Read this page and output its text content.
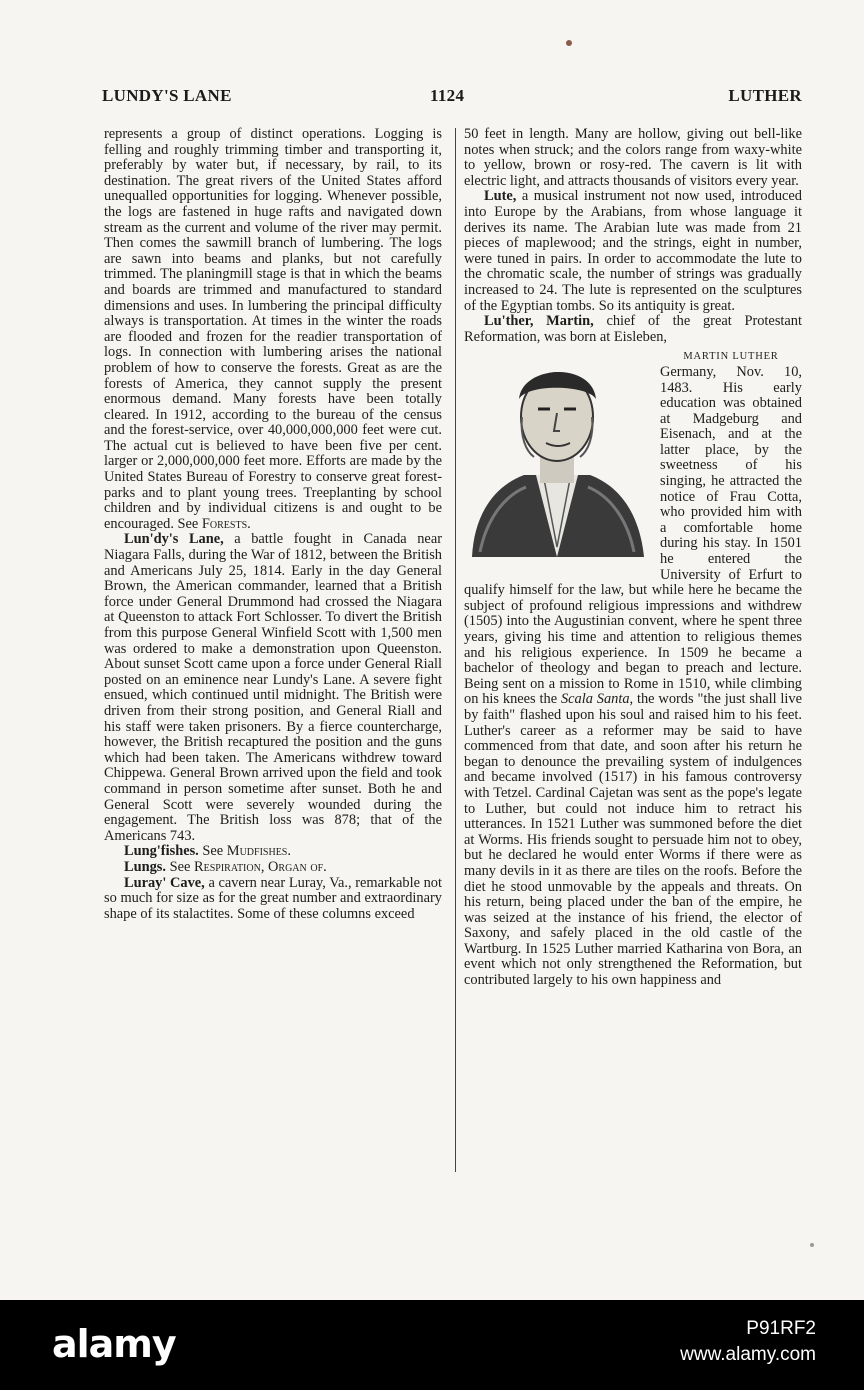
LUNDY'S LANE	1124	LUTHER

represents a group of distinct operations. Logging is felling and roughly trimming timber and transporting it, preferably by water but, if necessary, by rail, to its destination. The great rivers of the United States afford unequalled opportunities for logging. Whenever possible, the logs are fastened in huge rafts and navigated down stream as the current and volume of the river may permit. Then comes the sawmill branch of lumbering. The logs are sawn into beams and planks, but not carefully trimmed. The planingmill stage is that in which the beams and boards are trimmed and manufactured to standard dimensions and uses. In lumbering the principal difficulty always is transportation. At times in the winter the roads are flooded and frozen for the readier transportation of logs. In connection with lumbering arises the national problem of how to conserve the forests. Great as are the forests of America, they cannot supply the present enormous demand. Many forests have been totally cleared. In 1912, according to the bureau of the census and the forest-service, over 40,000,000,000 feet were cut. The actual cut is believed to have been five per cent. larger or 2,000,000,000 feet more. Efforts are made by the United States Bureau of Forestry to conserve great forest-parks and to plant young trees. Treeplanting by school children and by individual citizens is and ought to be encouraged. See Forests.

Lun'dy's Lane, a battle fought in Canada near Niagara Falls, during the War of 1812, between the British and Americans July 25, 1814. Early in the day General Brown, the American commander, learned that a British force under General Drummond had crossed the Niagara at Queenston to attack Fort Schlosser. To divert the British from this purpose General Winfield Scott with 1,500 men was ordered to make a demonstration upon Queenston. About sunset Scott came upon a force under General Riall posted on an eminence near Lundy's Lane. A severe fight ensued, which continued until midnight. The British were driven from their strong position, and General Riall and his staff were taken prisoners. By a fierce countercharge, however, the British recaptured the position and the guns which had been taken. The Americans withdrew toward Chippewa. General Brown arrived upon the field and took command in person sometime after sunset. Both he and General Scott were severely wounded during the engagement. The British loss was 878; that of the Americans 743.

Lung'fishes. See Mudfishes.

Lungs. See Respiration, Organ of.

Luray' Cave, a cavern near Luray, Va., remarkable not so much for size as for the great number and extraordinary shape of its stalactites. Some of these columns exceed

50 feet in length. Many are hollow, giving out bell-like notes when struck; and the colors range from waxy-white to yellow, brown or rosy-red. The cavern is lit with electric light, and attracts thousands of visitors every year.

Lute, a musical instrument not now used, introduced into Europe by the Arabians, from whose language it derives its name. The Arabian lute was made from 21 pieces of maplewood; and the strings, eight in number, were tuned in pairs. In order to accommodate the lute to the chromatic scale, the number of strings was gradually increased to 24. The lute is represented on the sculptures of the Egyptian tombs. So its antiquity is great.

Lu'ther, Martin, chief of the great Protestant Reformation, was born at Eisleben,

MARTIN LUTHER
Germany, Nov. 10, 1483. His early education was obtained at Madgeburg and Eisenach, and at the latter place, by the sweetness of his singing, he attracted the notice of Frau Cotta, who provided him with a comfortable home during his stay. In 1501 he entered the University of Erfurt to qualify himself for the law, but while here he became the subject of profound religious impressions and withdrew (1505) into the Augustinian convent, where he spent three years, giving his time and attention to religious themes and his religious experience. In 1509 he became a bachelor of theology and began to preach and lecture. Being sent on a mission to Rome in 1510, while climbing on his knees the Scala Santa, the words "the just shall live by faith" flashed upon his soul and raised him to his feet. Luther's career as a reformer may be said to have commenced from that date, and soon after his return he began to denounce the prevailing system of indulgences and became involved (1517) in his famous controversy with Tetzel. Cardinal Cajetan was sent as the pope's legate to Luther, but could not induce him to retract his utterances. In 1521 Luther was summoned before the diet at Worms. His friends sought to persuade him not to obey, but he declared he would enter Worms if there were as many devils in it as there are tiles on the roofs. Before the diet he stood unmovable by the appeals and threats. On his return, being placed under the ban of the empire, he was seized at the instance of his friend, the elector of Saxony, and safely placed in the old castle of the Wartburg. In 1525 Luther married Katharina von Bora, an event which not only strengthened the Reformation, but contributed largely to his own happiness and

alamy	P91RF2
www.alamy.com
